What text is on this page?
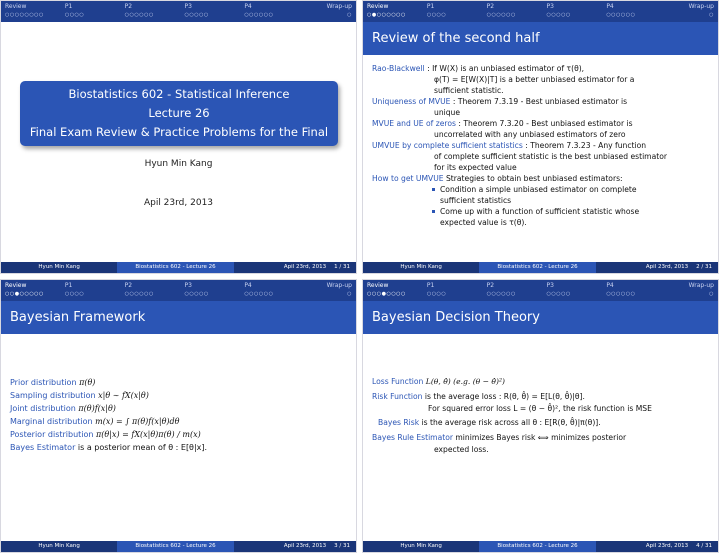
Review
○○○○○○○○
P1
○○○○
P2
○○○○○○
P3
○○○○○
P4
○○○○○○
Wrap-up
○
Biostatistics 602 - Statistical Inference
Lecture 26
Final Exam Review & Practice Problems for the Final
Hyun Min Kang
Apil 23rd, 2013
Hyun Min Kang	Biostatistics 602 - Lecture 26	Apil 23rd, 2013 1 / 31
Review
○●○○○○○○
P1
○○○○
P2
○○○○○○
P3
○○○○○
P4
○○○○○○
Wrap-up
○
Review of the second half
Rao-Blackwell : If W(X) is an unbiased estimator of τ(θ),
φ(T) = E[W(X)|T] is a better unbiased estimator for a
sufficient statistic.
Uniqueness of MVUE : Theorem 7.3.19 - Best unbiased estimator is
unique
MVUE and UE of zeros : Theorem 7.3.20 - Best unbiased estimator is
uncorrelated with any unbiased estimators of zero
UMVUE by complete sufficient statistics : Theorem 7.3.23 - Any function
of complete sufficient statistic is the best unbiased estimator
for its expected value
How to get UMVUE Strategies to obtain best unbiased estimators:
Condition a simple unbiased estimator on complete
sufficient statistics
Come up with a function of sufficient statistic whose
expected value is τ(θ).
Hyun Min Kang	Biostatistics 602 - Lecture 26	Apil 23rd, 2013 2 / 31
Review
○○●○○○○○
P1
○○○○
P2
○○○○○○
P3
○○○○○
P4
○○○○○○
Wrap-up
○
Bayesian Framework
Prior distribution π(θ)
Sampling distribution x|θ ∼ fX(x|θ)
Joint distribution π(θ)f(x|θ)
Marginal distribution m(x) = ∫ π(θ)f(x|θ)dθ
Posterior distribution π(θ|x) = fX(x|θ)π(θ) / m(x)
Bayes Estimator is a posterior mean of θ : E[θ|x].
Hyun Min Kang	Biostatistics 602 - Lecture 26	Apil 23rd, 2013 3 / 31
Review
○○○●○○○○
P1
○○○○
P2
○○○○○○
P3
○○○○○
P4
○○○○○○
Wrap-up
○
Bayesian Decision Theory
Loss Function L(θ, θ̂) (e.g. (θ − θ̂)²)
Risk Function is the average loss : R(θ, θ̂) = E[L(θ, θ̂)|θ].
For squared error loss L = (θ − θ̂)², the risk function is MSE
Bayes Risk is the average risk across all θ : E[R(θ, θ̂)|π(θ)].
Bayes Rule Estimator minimizes Bayes risk ⟺ minimizes posterior
expected loss.
Hyun Min Kang	Biostatistics 602 - Lecture 26	Apil 23rd, 2013 4 / 31
